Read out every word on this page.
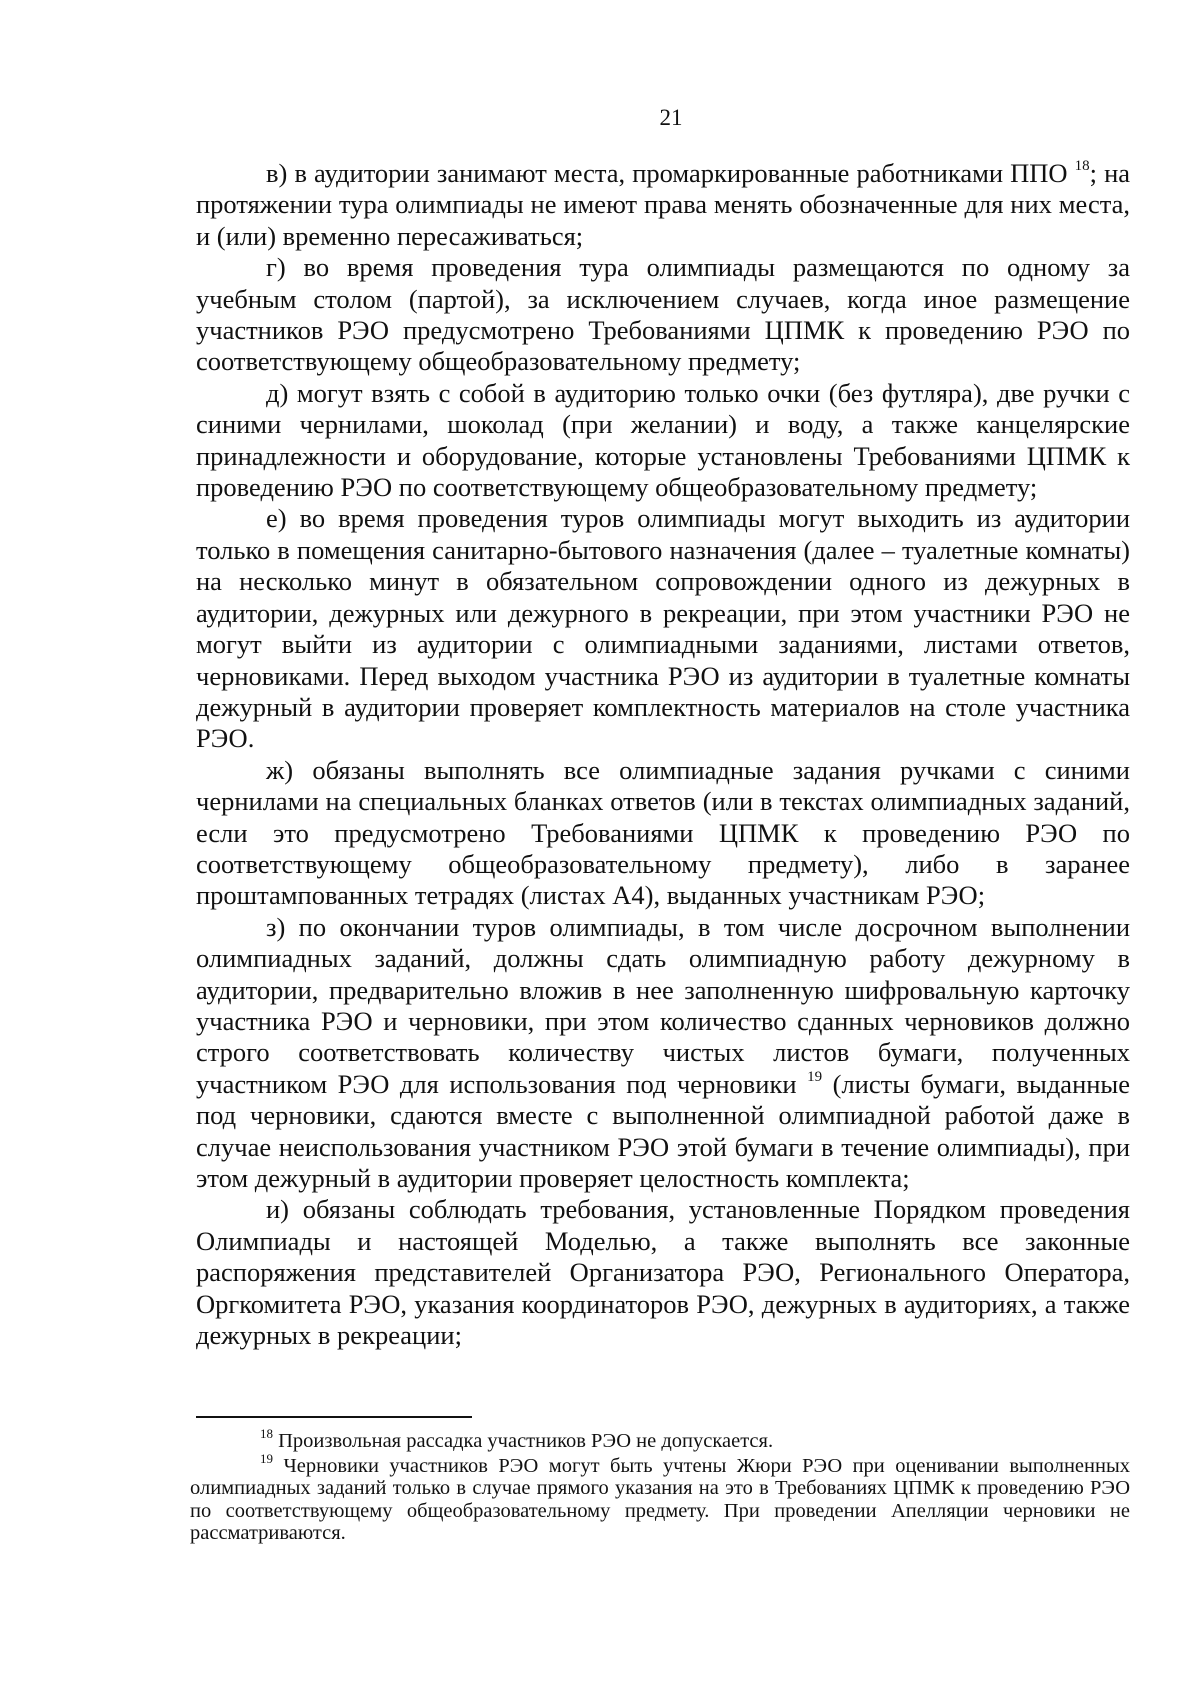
21

в) в аудитории занимают места, промаркированные работниками ППО $^{18}$; на протяжении тура олимпиады не имеют права менять обозначенные для них места, и (или) временно пересаживаться;

г) во время проведения тура олимпиады размещаются по одному за учебным столом (партой), за исключением случаев, когда иное размещение участников РЭО предусмотрено Требованиями ЦПМК к проведению РЭО по соответствующему общеобразовательному предмету;

д) могут взять с собой в аудиторию только очки (без футляра), две ручки с синими чернилами, шоколад (при желании) и воду, а также канцелярские принадлежности и оборудование, которые установлены Требованиями ЦПМК к проведению РЭО по соответствующему общеобразовательному предмету;

е) во время проведения туров олимпиады могут выходить из аудитории только в помещения санитарно-бытового назначения (далее – туалетные комнаты) на несколько минут в обязательном сопровождении одного из дежурных в аудитории, дежурных или дежурного в рекреации, при этом участники РЭО не могут выйти из аудитории с олимпиадными заданиями, листами ответов, черновиками. Перед выходом участника РЭО из аудитории в туалетные комнаты дежурный в аудитории проверяет комплектность материалов на столе участника РЭО.

ж) обязаны выполнять все олимпиадные задания ручками с синими чернилами на специальных бланках ответов (или в текстах олимпиадных заданий, если это предусмотрено Требованиями ЦПМК к проведению РЭО по соответствующему общеобразовательному предмету), либо в заранее проштампованных тетрадях (листах А4), выданных участникам РЭО;

з) по окончании туров олимпиады, в том числе досрочном выполнении олимпиадных заданий, должны сдать олимпиадную работу дежурному в аудитории, предварительно вложив в нее заполненную шифровальную карточку участника РЭО и черновики, при этом количество сданных черновиков должно строго соответствовать количеству чистых листов бумаги, полученных участником РЭО для использования под черновики $^{19}$ (листы бумаги, выданные под черновики, сдаются вместе с выполненной олимпиадной работой даже в случае неиспользования участником РЭО этой бумаги в течение олимпиады), при этом дежурный в аудитории проверяет целостность комплекта;

и) обязаны соблюдать требования, установленные Порядком проведения Олимпиады и настоящей Моделью, а также выполнять все законные распоряжения представителей Организатора РЭО, Регионального Оператора, Оргкомитета РЭО, указания координаторов РЭО, дежурных в аудиториях, а также дежурных в рекреации;

$^{18}$ Произвольная рассадка участников РЭО не допускается.

$^{19}$ Черновики участников РЭО могут быть учтены Жюри РЭО при оценивании выполненных олимпиадных заданий только в случае прямого указания на это в Требованиях ЦПМК к проведению РЭО по соответствующему общеобразовательному предмету. При проведении Апелляции черновики не рассматриваются.
